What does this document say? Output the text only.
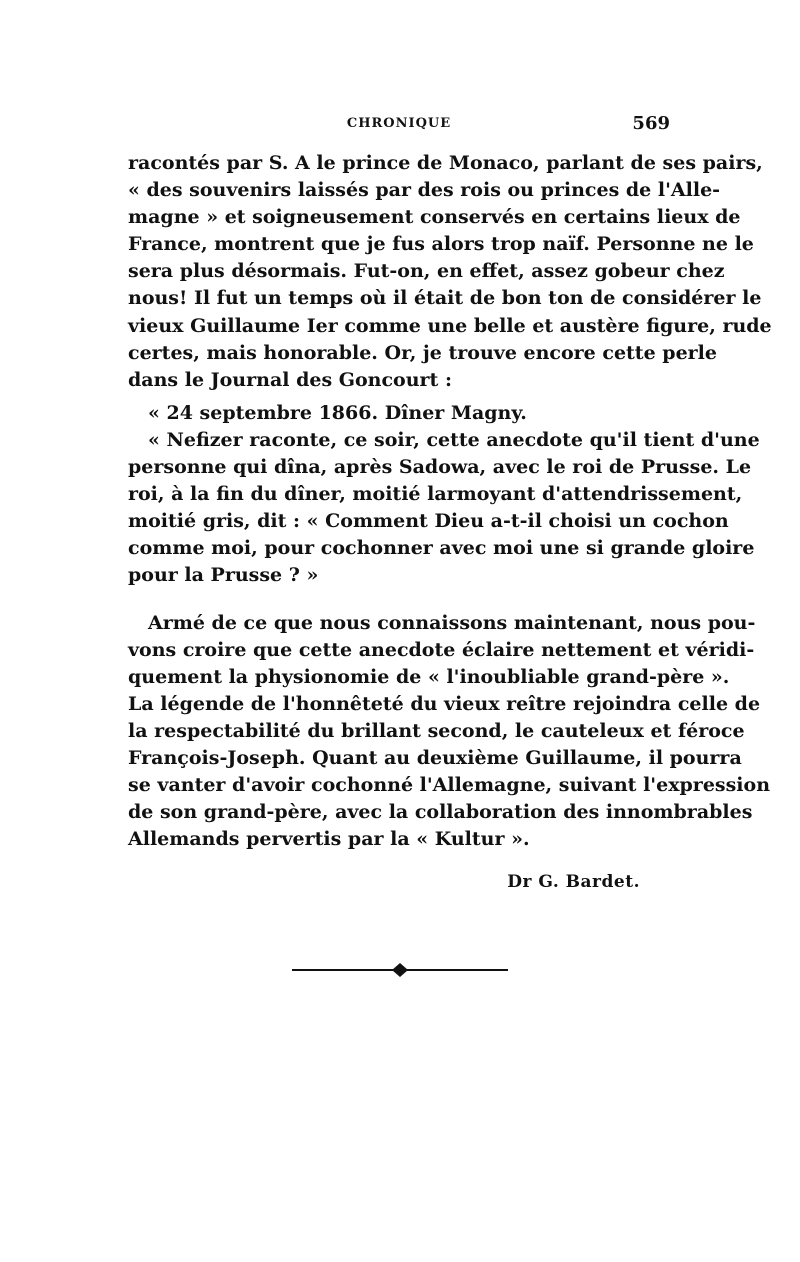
CHRONIQUE	569
racontés par S. A le prince de Monaco, parlant de ses pairs,
« des souvenirs laissés par des rois ou princes de l'Alle-
magne » et soigneusement conservés en certains lieux de
France, montrent que je fus alors trop naïf. Personne ne le
sera plus désormais. Fut-on, en effet, assez gobeur chez
nous! Il fut un temps où il était de bon ton de considérer le
vieux Guillaume Ier comme une belle et austère figure, rude
certes, mais honorable. Or, je trouve encore cette perle
dans le Journal des Goncourt :
« 24 septembre 1866. Dîner Magny.
« Nefizer raconte, ce soir, cette anecdote qu'il tient d'une
personne qui dîna, après Sadowa, avec le roi de Prusse. Le
roi, à la fin du dîner, moitié larmoyant d'attendrissement,
moitié gris, dit : « Comment Dieu a-t-il choisi un cochon
comme moi, pour cochonner avec moi une si grande gloire
pour la Prusse ? »
Armé de ce que nous connaissons maintenant, nous pou-
vons croire que cette anecdote éclaire nettement et véridi-
quement la physionomie de « l'inoubliable grand-père ».
La légende de l'honnêteté du vieux reître rejoindra celle de
la respectabilité du brillant second, le cauteleux et féroce
François-Joseph. Quant au deuxième Guillaume, il pourra
se vanter d'avoir cochonné l'Allemagne, suivant l'expression
de son grand-père, avec la collaboration des innombrables
Allemands pervertis par la « Kultur ».
Dr G. Bardet.
